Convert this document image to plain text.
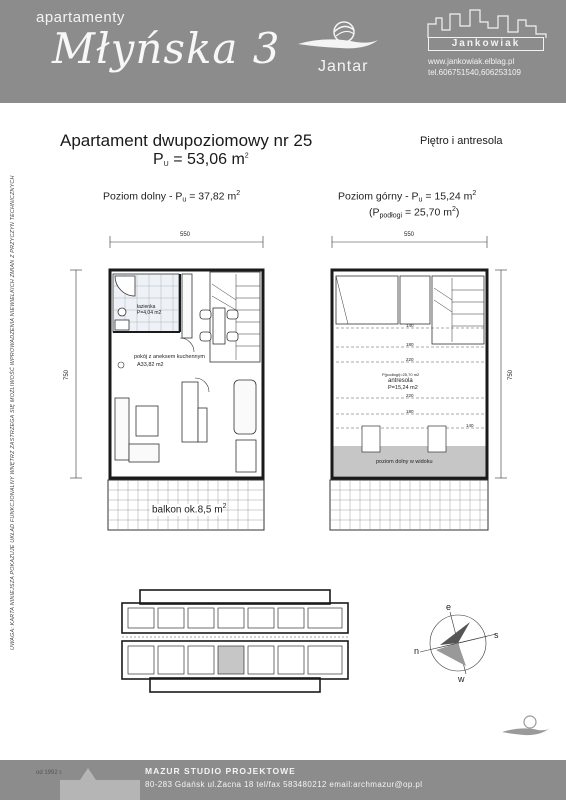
apartamenty
Młyńska 3 Jantar
Jankowiak
www.jankowiak.elblag.pl
tel.606751540,606253109
Apartament dwupoziomowy nr 25
PU = 53,06 $m^2$
Piętro i antresola
Poziom dolny - Pu = 37,82 $m^2$	Poziom górny - Pu = 15,24 $m^2$
(Ppodłogi = 25,70 $m^2$)
UWAGA: KARTA NINIEJSZA POKAZUJE UKŁAD FUNKCJONALNY WNĘTRZ ZASTRZEGA SIĘ MOŻLIWOŚĆ WPROWADZENIA NIEWIELKICH ZMIAN Z PRZYCZYN TECHNICZNYCH	550
750
łazienka
P=4,04 m2
pokój z aneksem kuchennym
A33,82 m2
balkon ok.8,5 $m^2$
550
750
140
180
220
220
180
140
P(podłogi)=25,70 m2
antresola
P=15,24 m2
poziom dolny w widoku
e
s
n
w
od 1992 r.	MAZUR STUDIO PROJEKTOWE
80-283 Gdańsk ul.Żacna 18 tel/fax 583480212 email:archmazur@op.pl
